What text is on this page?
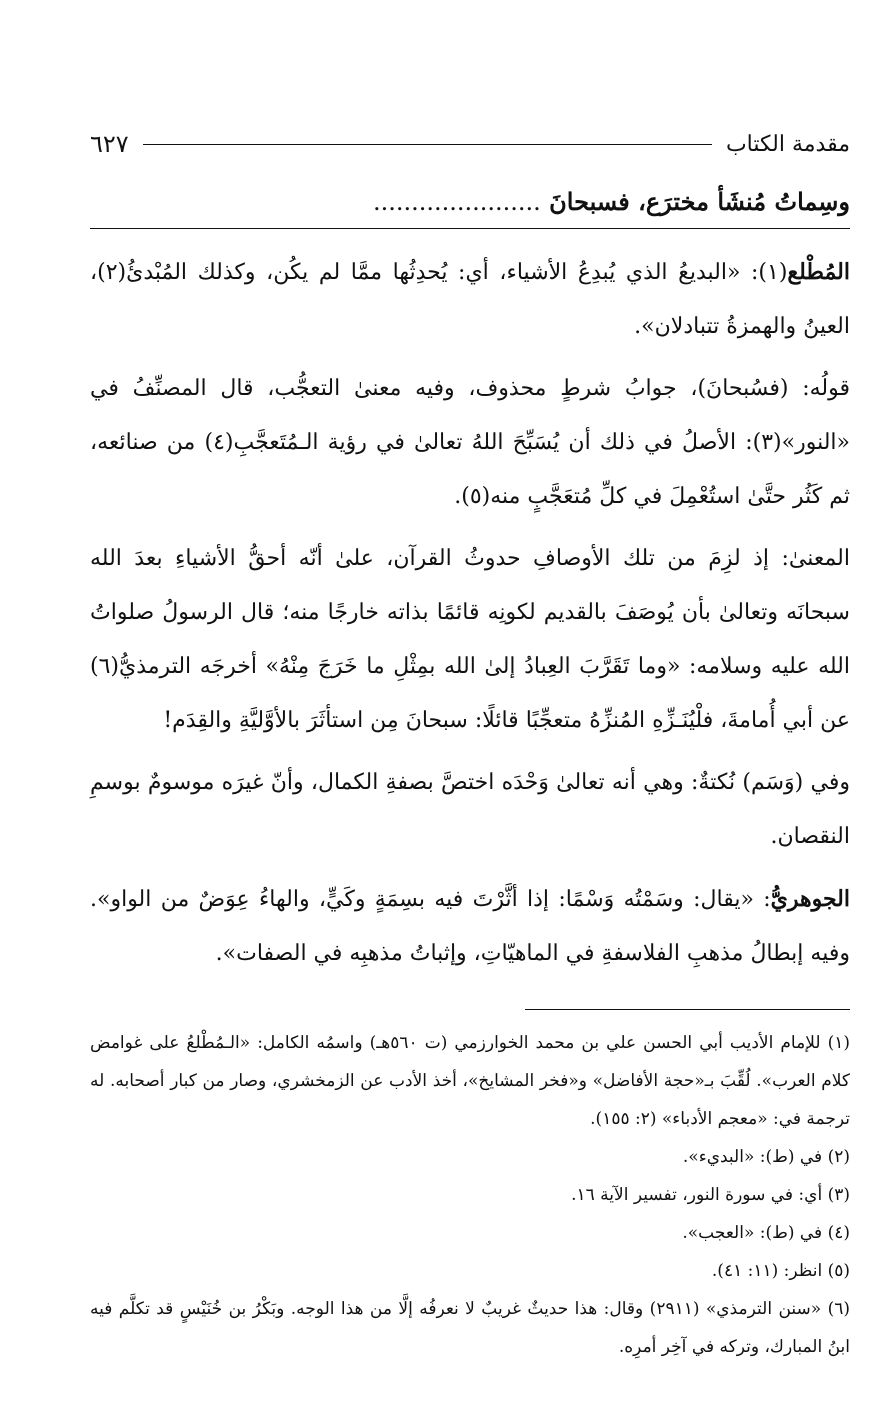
مقدمة الكتاب
٦٢٧
وسِماتُ مُنشَأ مخترَع، فسبحانَ ......................

المُطْلع(١): «البديعُ الذي يُبدِعُ الأشياء، أي: يُحدِثُها ممَّا لم يكُن، وكذلك المُبْدئُ(٢)، العينُ والهمزةُ تتبادلان».

قولُه: (فسُبحانَ)، جوابُ شرطٍ محذوف، وفيه معنىٰ التعجُّب، قال المصنِّفُ في «النور»(٣): الأصلُ في ذلك أن يُسَبِّحَ اللهُ تعالىٰ في رؤية الـمُتَعجَّبِ(٤) من صنائعه، ثم كَثُر حتَّىٰ استُعْمِلَ في كلِّ مُتعَجَّبٍ منه(٥).

المعنىٰ: إذ لزِمَ من تلك الأوصافِ حدوثُ القرآن، علىٰ أنّه أحقُّ الأشياءِ بعدَ الله سبحانَه وتعالىٰ بأن يُوصَفَ بالقديم لكونِه قائمًا بذاته خارجًا منه؛ قال الرسولُ صلواتُ الله عليه وسلامه: «وما تَقَرَّبَ العِبادُ إلىٰ الله بمِثْلِ ما خَرَجَ مِنْهُ» أخرجَه الترمذيُّ(٦) عن أبي أُمامةَ، فلْيُنَـزِّهِ المُنزِّهُ متعجِّبًا قائلًا: سبحانَ مِن استأثَرَ بالأوَّليَّةِ والقِدَم!

وفي (وَسَم) نُكتةٌ: وهي أنه تعالىٰ وَحْدَه اختصَّ بصفةِ الكمال، وأنّ غيرَه موسومٌ بوسمِ النقصان.

الجوهريُّ: «يقال: وسَمْتُه وَسْمًا: إذا أثَّرْتَ فيه بسِمَةٍ وكَيٍّ، والهاءُ عِوَضٌ من الواو». وفيه إبطالُ مذهبِ الفلاسفةِ في الماهيّاتِ، وإثباتُ مذهبِه في الصفات».

(١) للإمام الأديب أبي الحسن علي بن محمد الخوارزمي (ت ٥٦٠هـ) واسمُه الكامل: «الـمُطْلعُ على غوامض كلام العرب». لُقِّبَ بـ«حجة الأفاضل» و«فخر المشايخ»، أخذ الأدب عن الزمخشري، وصار من كبار أصحابه. له ترجمة في: «معجم الأدباء» (٢: ١٥٥).

(٢) في (ط): «البديء».

(٣) أي: في سورة النور، تفسير الآية ١٦.

(٤) في (ط): «العجب».

(٥) انظر: (١١: ٤١).

(٦) «سنن الترمذي» (٢٩١١) وقال: هذا حديثٌ غريبٌ لا نعرفُه إلَّا من هذا الوجه. وبَكْرُ بن خُنَيْسٍ قد تكلَّم فيه ابنُ المبارك، وتركه في آخِر أمرِه.
